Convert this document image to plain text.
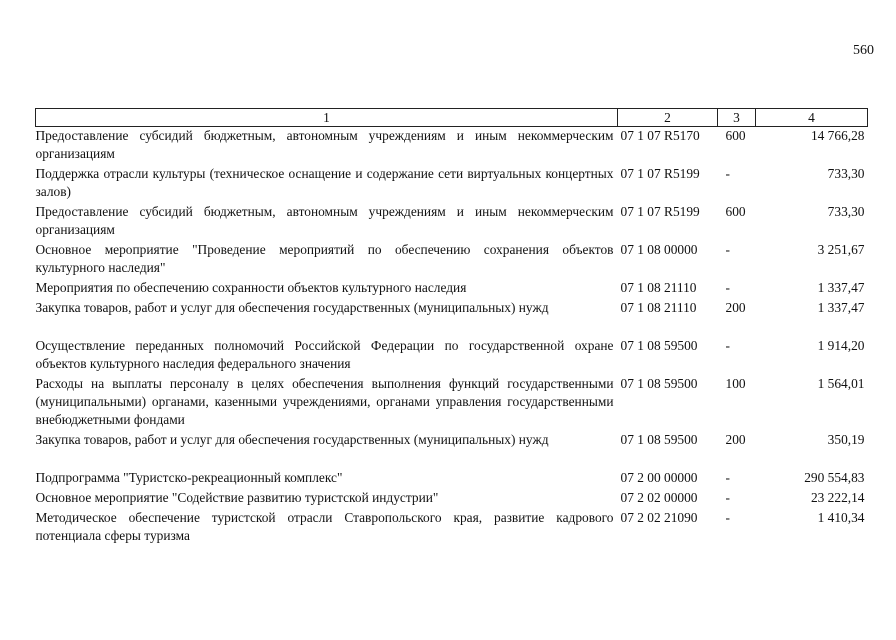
560
1	2	3	4
Предоставление субсидий бюджетным, автономным учреждениям и иным некоммерческим организациям	07 1 07 R5170	600	14 766,28
Поддержка отрасли культуры (техническое оснащение и содержание сети виртуальных концертных залов)	07 1 07 R5199	-	733,30
Предоставление субсидий бюджетным, автономным учреждениям и иным некоммерческим организациям	07 1 07 R5199	600	733,30
Основное мероприятие "Проведение мероприятий по обеспечению сохранения объектов культурного наследия"	07 1 08 00000	-	3 251,67
Мероприятия по обеспечению сохранности объектов культурного наследия	07 1 08 21110	-	1 337,47
Закупка товаров, работ и услуг для обеспечения государственных (муниципальных) нужд	07 1 08 21110	200	1 337,47

Осуществление переданных полномочий Российской Федерации по государственной охране объектов культурного наследия федерального значения	07 1 08 59500	-	1 914,20
Расходы на выплаты персоналу в целях обеспечения выполнения функций государственными (муниципальными) органами, казенными учреждениями, органами управления государственными внебюджетными фондами	07 1 08 59500	100	1 564,01
Закупка товаров, работ и услуг для обеспечения государственных (муниципальных) нужд	07 1 08 59500	200	350,19

Подпрограмма "Туристско-рекреационный комплекс"	07 2 00 00000	-	290 554,83
Основное мероприятие "Содействие развитию туристской индустрии"	07 2 02 00000	-	23 222,14
Методическое обеспечение туристской отрасли Ставропольского края, развитие кадрового потенциала сферы туризма	07 2 02 21090	-	1 410,34
